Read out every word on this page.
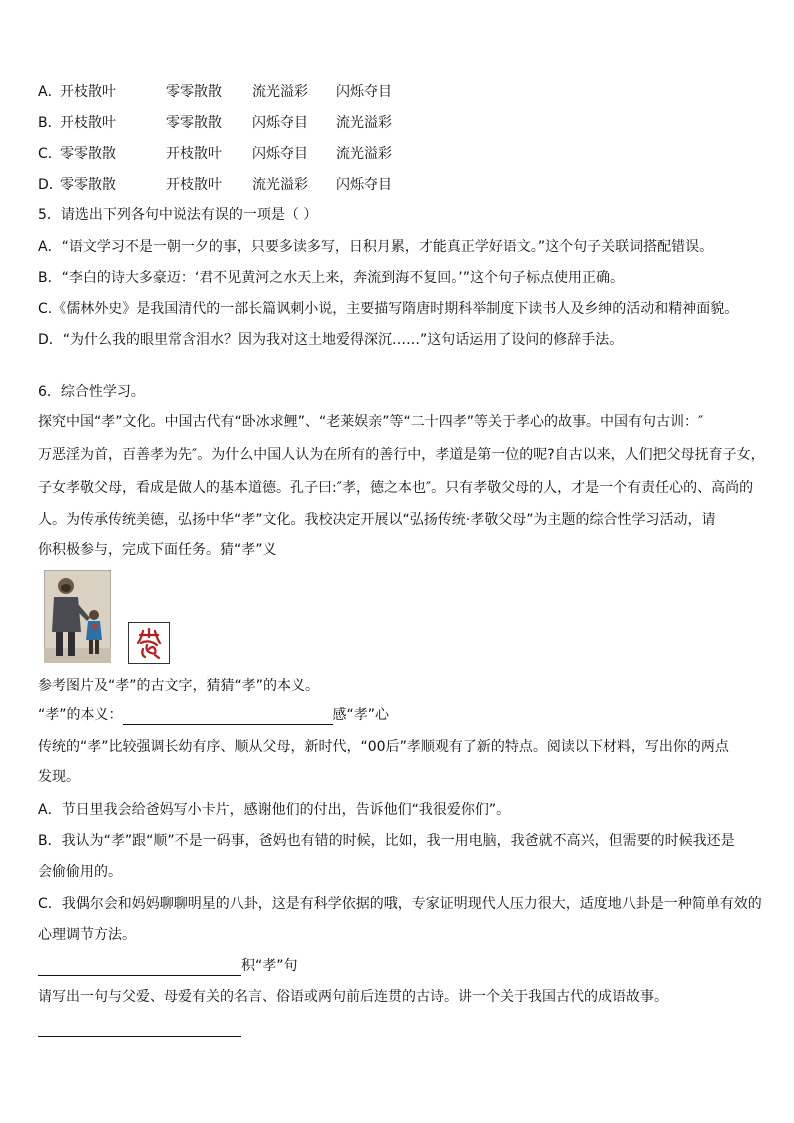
A．
开枝散叶	零零散散 流光溢彩 闪烁夺目
B．
开枝散叶	零零散散 闪烁夺目 流光溢彩
C．
零零散散	开枝散叶 闪烁夺目 流光溢彩
D．
零零散散	开枝散叶 流光溢彩 闪烁夺目
5．请选出下列各句中说法有误的一项是（ ）
A．“语文学习不是一朝一夕的事，只要多读多写，日积月累，才能真正学好语文。”这个句子关联词搭配错误。
B．“李白的诗大多豪迈：‘君不见黄河之水天上来，奔流到海不复回。’”这个句子标点使用正确。
C.《儒林外史》是我国清代的一部长篇讽刺小说，主要描写隋唐时期科举制度下读书人及乡绅的活动和精神面貌。
D．“为什么我的眼里常含泪水？因为我对这土地爱得深沉……”这句话运用了设问的修辞手法。
6．综合性学习。
探究中国“孝”文化。中国古代有“卧冰求鲤”、“老莱娱亲”等“二十四孝”等关于孝心的故事。中国有句古训：″
万恶淫为首，百善孝为先″。为什么中国人认为在所有的善行中，孝道是第一位的呢?自古以来，人们把父母抚育子女，
子女孝敬父母，看成是做人的基本道德。孔子曰:″孝，德之本也″。只有孝敬父母的人，才是一个有责任心的、高尚的
人。为传承传统美德，弘扬中华“孝”文化。我校决定开展以“弘扬传统·孝敬父母”为主题的综合性学习活动，请
你积极参与，完成下面任务。猜“孝”义
孝
参考图片及“孝”的古文字，猜猜“孝”的本义。
“孝”的本义：	感“孝”心
传统的“孝”比较强调长幼有序、顺从父母，新时代，“00后”孝顺观有了新的特点。阅读以下材料，写出你的两点
发现。
A．节日里我会给爸妈写小卡片，感谢他们的付出，告诉他们“我很爱你们”。
B．我认为“孝”跟“顺”不是一码事，爸妈也有错的时候，比如，我一用电脑，我爸就不高兴，但需要的时候我还是
会偷偷用的。
C．我偶尔会和妈妈聊聊明星的八卦，这是有科学依据的哦，专家证明现代人压力很大，适度地八卦是一种简单有效的
心理调节方法。
积“孝”句
请写出一句与父爱、母爱有关的名言、俗语或两句前后连贯的古诗。讲一个关于我国古代的成语故事。
